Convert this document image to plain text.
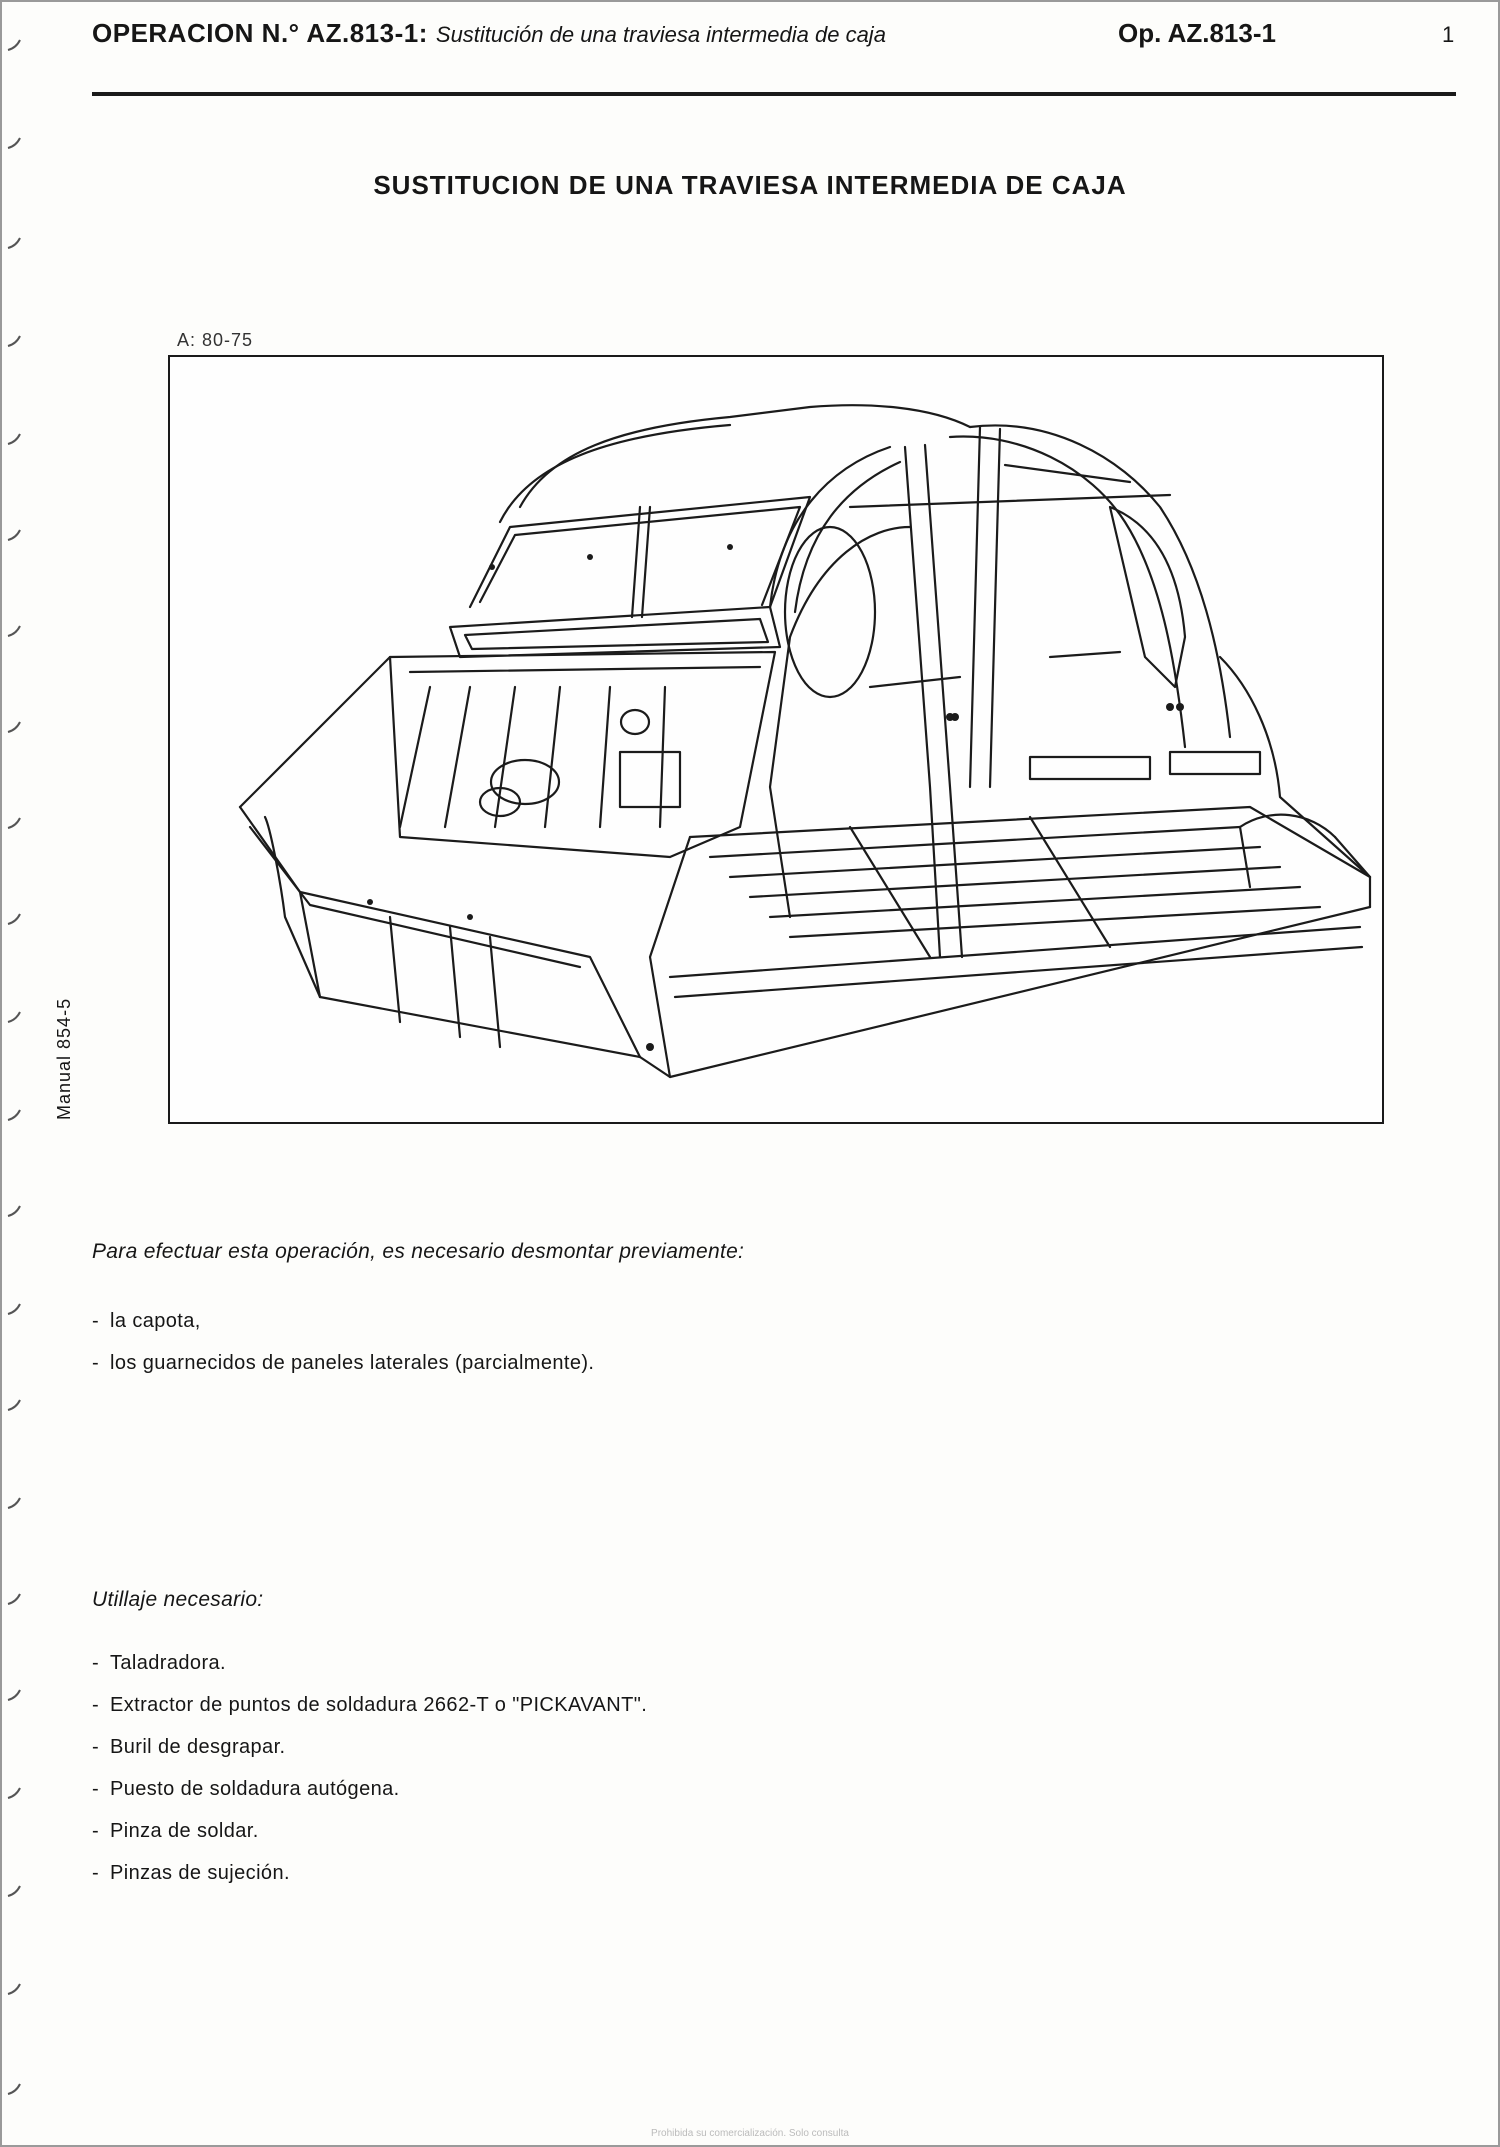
OPERACION N.° AZ.813-1: Sustitución de una traviesa intermedia de caja	Op. AZ.813-1	1
SUSTITUCION DE UNA TRAVIESA INTERMEDIA DE CAJA
A: 80-75
Manual 854-5
Para efectuar esta operación, es necesario desmontar previamente:
- la capota,
- los guarnecidos de paneles laterales (parcialmente).
Utillaje necesario:
- Taladradora.
- Extractor de puntos de soldadura 2662-T o "PICKAVANT".
- Buril de desgrapar.
- Puesto de soldadura autógena.
- Pinza de soldar.
- Pinzas de sujeción.
Prohibida su comercialización. Solo consulta
